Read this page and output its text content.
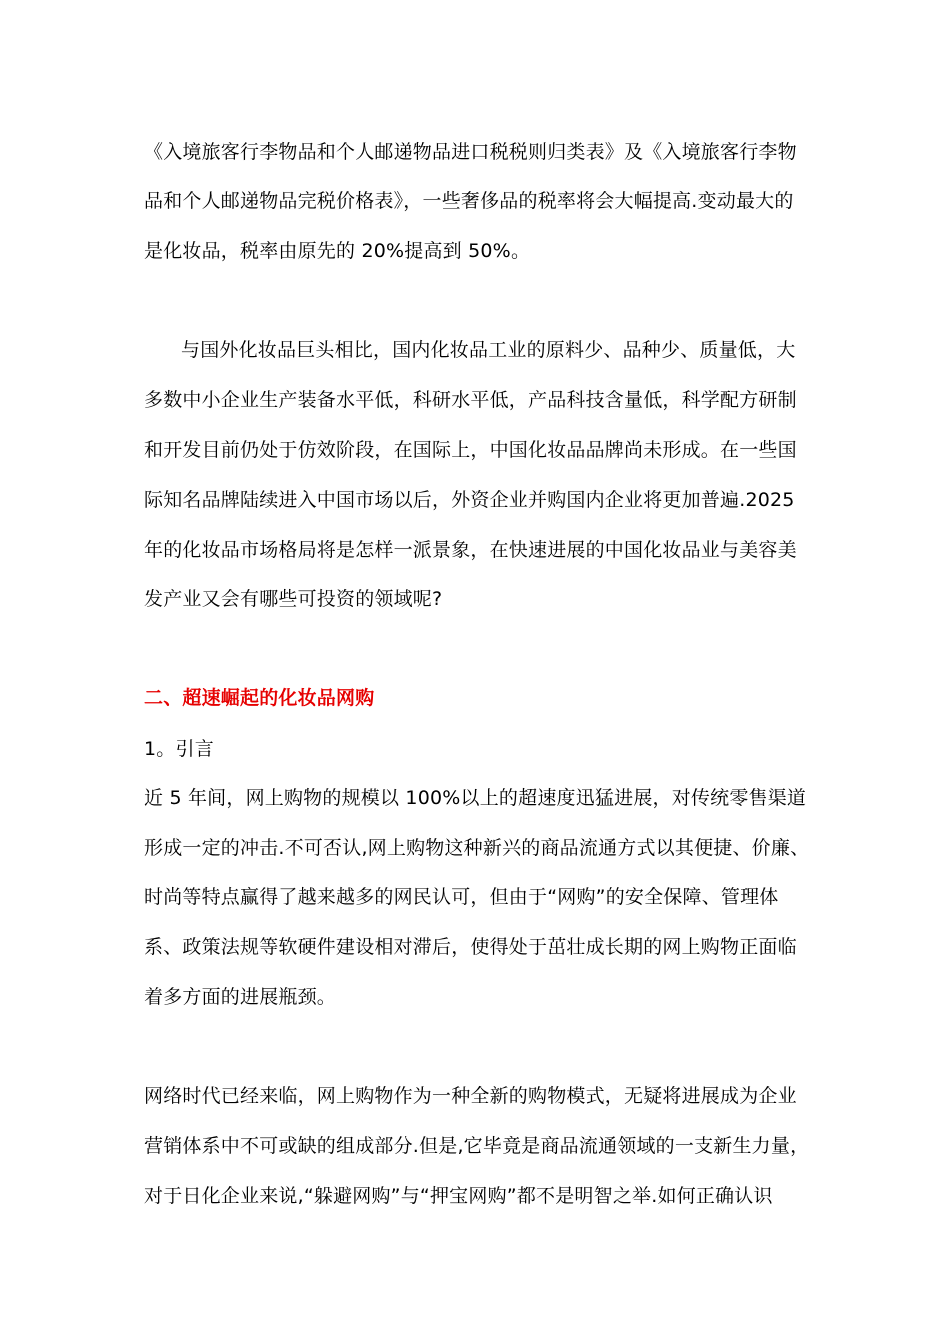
《入境旅客行李物品和个人邮递物品进口税税则归类表》及《入境旅客行李物
品和个人邮递物品完税价格表》，一些奢侈品的税率将会大幅提高.变动最大的
是化妆品，税率由原先的 20%提高到 50%。
与国外化妆品巨头相比，国内化妆品工业的原料少、品种少、质量低，大
多数中小企业生产装备水平低，科研水平低，产品科技含量低，科学配方研制
和开发目前仍处于仿效阶段，在国际上，中国化妆品品牌尚未形成。在一些国
际知名品牌陆续进入中国市场以后，外资企业并购国内企业将更加普遍.2025
年的化妆品市场格局将是怎样一派景象，在快速进展的中国化妆品业与美容美
发产业又会有哪些可投资的领域呢?
二、超速崛起的化妆品网购
1。引言
近 5 年间，网上购物的规模以 100%以上的超速度迅猛进展，对传统零售渠道
形成一定的冲击.不可否认,网上购物这种新兴的商品流通方式以其便捷、价廉、
时尚等特点赢得了越来越多的网民认可，但由于“网购”的安全保障、管理体
系、政策法规等软硬件建设相对滞后，使得处于茁壮成长期的网上购物正面临
着多方面的进展瓶颈。
网络时代已经来临，网上购物作为一种全新的购物模式，无疑将进展成为企业
营销体系中不可或缺的组成部分.但是,它毕竟是商品流通领域的一支新生力量，
对于日化企业来说,“躲避网购”与“押宝网购”都不是明智之举.如何正确认识
